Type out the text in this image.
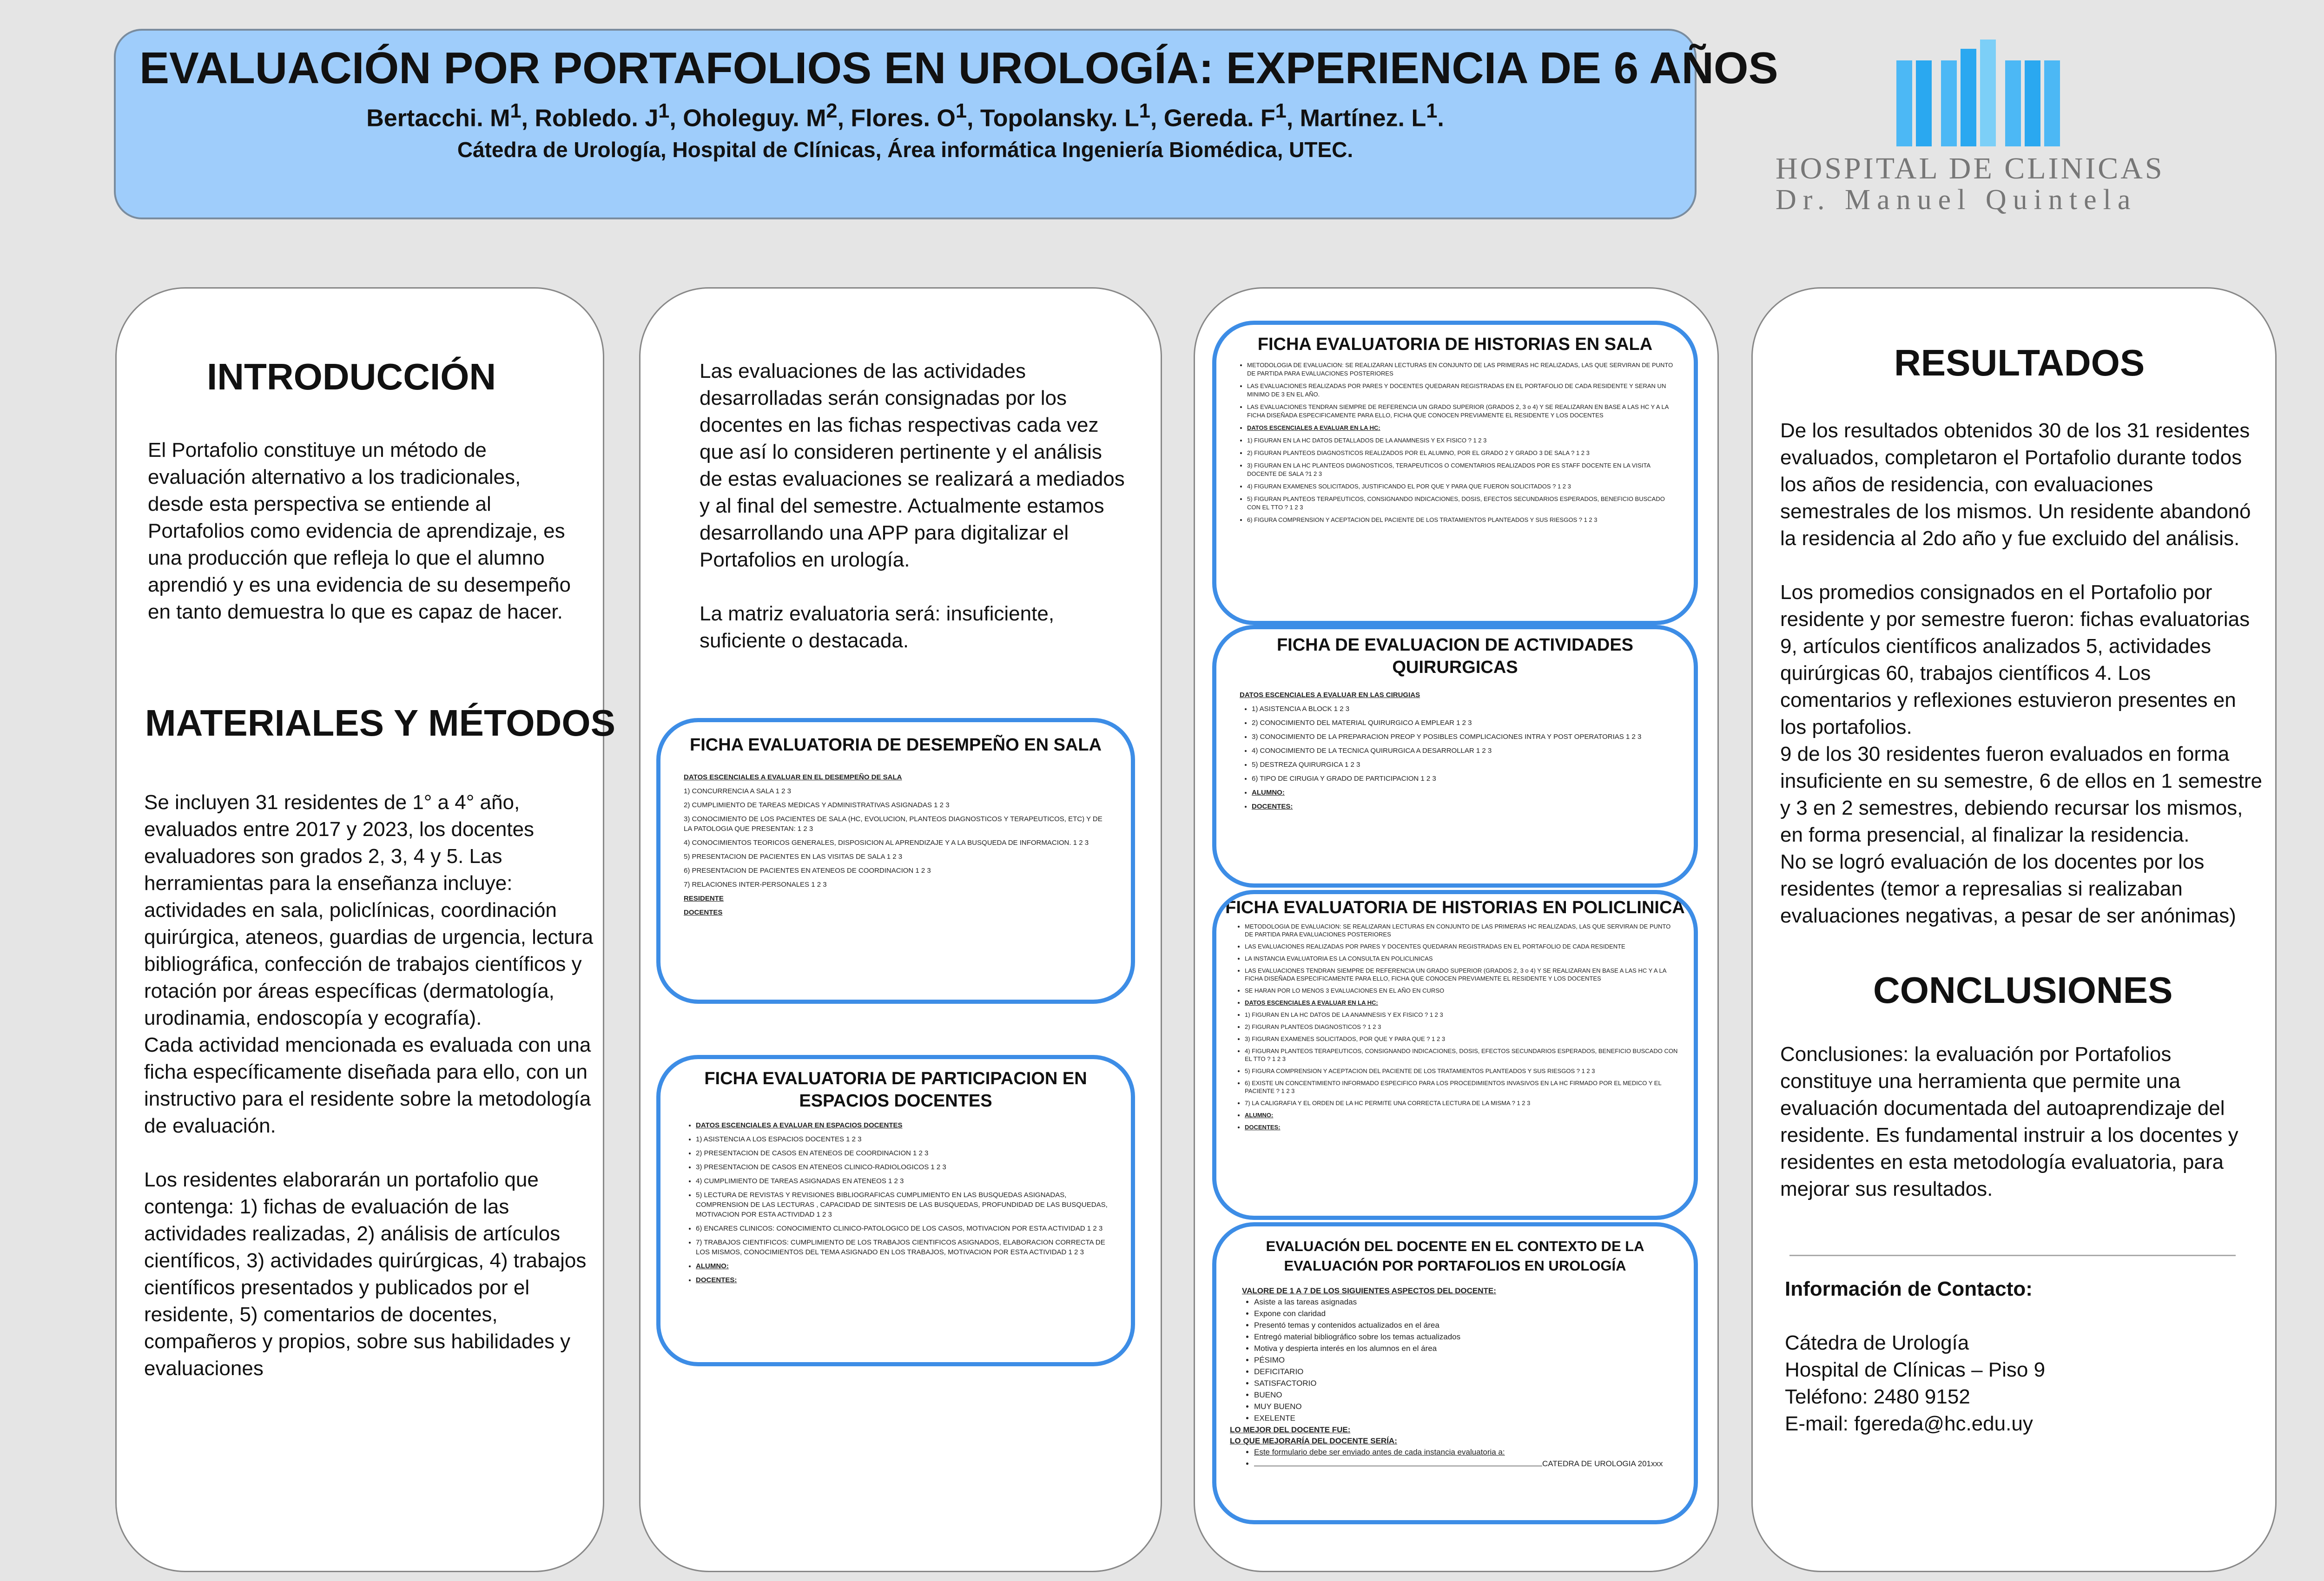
EVALUACIÓN POR PORTAFOLIOS EN UROLOGÍA: EXPERIENCIA DE 6 AÑOS
Bertacchi. $M^1$, Robledo. $J^1$, Oholeguy. $M^2$, Flores. $O^1$, Topolansky. $L^1$, Gereda. $F^1$, Martínez. $L^1$.
Cátedra de Urología, Hospital de Clínicas, Área informática Ingeniería Biomédica, UTEC.
HOSPITAL DE CLINICAS
Dr. Manuel Quintela
INTRODUCCIÓN

El Portafolio constituye un método de evaluación alternativo a los tradicionales, desde esta perspectiva se entiende al Portafolios como evidencia de aprendizaje, es una producción que refleja lo que el alumno aprendió y es una evidencia de su desempeño en tanto demuestra lo que es capaz de hacer.

MATERIALES Y MÉTODOS

Se incluyen 31 residentes de 1° a 4° año, evaluados entre 2017 y 2023, los docentes evaluadores son grados 2, 3, 4 y 5. Las herramientas para la enseñanza incluye: actividades en sala, policlínicas, coordinación quirúrgica, ateneos, guardias de urgencia, lectura bibliográfica, confección de trabajos científicos y rotación por áreas específicas (dermatología, urodinamia, endoscopía y ecografía).

Cada actividad mencionada es evaluada con una ficha específicamente diseñada para ello, con un instructivo para el residente sobre la metodología de evaluación.

Los residentes elaborarán un portafolio que contenga: 1) fichas de evaluación de las actividades realizadas, 2) análisis de artículos científicos, 3) actividades quirúrgicas, 4) trabajos científicos presentados y publicados por el residente, 5) comentarios de docentes, compañeros y propios, sobre sus habilidades y evaluaciones

Las evaluaciones de las actividades desarrolladas serán consignadas por los docentes en las fichas respectivas cada vez que así lo consideren pertinente y el análisis de estas evaluaciones se realizará a mediados y al final del semestre. Actualmente estamos desarrollando una APP para digitalizar el Portafolios en urología.

La matriz evaluatoria será: insuficiente, suficiente o destacada.

FICHA EVALUATORIA DE DESEMPEÑO EN SALA
DATOS ESCENCIALES A EVALUAR EN EL DESEMPEÑO DE SALA
1) CONCURRENCIA A SALA 1 2 3
2) CUMPLIMIENTO DE TAREAS MEDICAS Y ADMINISTRATIVAS ASIGNADAS 1 2 3
3) CONOCIMIENTO DE LOS PACIENTES DE SALA (HC, EVOLUCION, PLANTEOS DIAGNOSTICOS Y TERAPEUTICOS, ETC) Y DE LA PATOLOGIA QUE PRESENTAN: 1 2 3
4) CONOCIMIENTOS TEORICOS GENERALES, DISPOSICION AL APRENDIZAJE Y A LA BUSQUEDA DE INFORMACION. 1 2 3
5) PRESENTACION DE PACIENTES EN LAS VISITAS DE SALA 1 2 3
6) PRESENTACION DE PACIENTES EN ATENEOS DE COORDINACION 1 2 3
7) RELACIONES INTER-PERSONALES 1 2 3
RESIDENTE
DOCENTES
FICHA EVALUATORIA DE PARTICIPACION EN ESPACIOS DOCENTES
• DATOS ESCENCIALES A EVALUAR EN ESPACIOS DOCENTES
• 1) ASISTENCIA A LOS ESPACIOS DOCENTES 1 2 3
• 2) PRESENTACION DE CASOS EN ATENEOS DE COORDINACION 1 2 3
• 3) PRESENTACION DE CASOS EN ATENEOS CLINICO-RADIOLOGICOS 1 2 3
• 4) CUMPLIMIENTO DE TAREAS ASIGNADAS EN ATENEOS 1 2 3
• 5) LECTURA DE REVISTAS Y REVISIONES BIBLIOGRAFICAS CUMPLIMIENTO EN LAS BUSQUEDAS ASIGNADAS, COMPRENSION DE LAS LECTURAS , CAPACIDAD DE SINTESIS DE LAS BUSQUEDAS, PROFUNDIDAD DE LAS BUSQUEDAS, MOTIVACION POR ESTA ACTIVIDAD 1 2 3
• 6) ENCARES CLINICOS: CONOCIMIENTO CLINICO-PATOLOGICO DE LOS CASOS, MOTIVACION POR ESTA ACTIVIDAD 1 2 3
• 7) TRABAJOS CIENTIFICOS: CUMPLIMIENTO DE LOS TRABAJOS CIENTIFICOS ASIGNADOS, ELABORACION CORRECTA DE LOS MISMOS, CONOCIMIENTOS DEL TEMA ASIGNADO EN LOS TRABAJOS, MOTIVACION POR ESTA ACTIVIDAD 1 2 3
• ALUMNO:
• DOCENTES:
FICHA EVALUATORIA DE HISTORIAS EN SALA
• METODOLOGIA DE EVALUACION: SE REALIZARAN LECTURAS EN CONJUNTO DE LAS PRIMERAS HC REALIZADAS, LAS QUE SERVIRAN DE PUNTO DE PARTIDA PARA EVALUACIONES POSTERIORES
• LAS EVALUACIONES REALIZADAS POR PARES Y DOCENTES QUEDARAN REGISTRADAS EN EL PORTAFOLIO DE CADA RESIDENTE Y SERAN UN MINIMO DE 3 EN EL AÑO.
• LAS EVALUACIONES TENDRAN SIEMPRE DE REFERENCIA UN GRADO SUPERIOR (GRADOS 2, 3 o 4) Y SE REALIZARAN EN BASE A LAS HC Y A LA FICHA DISEÑADA ESPECIFICAMENTE PARA ELLO, FICHA QUE CONOCEN PREVIAMENTE EL RESIDENTE Y LOS DOCENTES
• DATOS ESCENCIALES A EVALUAR EN LA HC:
• 1) FIGURAN EN LA HC DATOS DETALLADOS DE LA ANAMNESIS Y EX FISICO ? 1 2 3
• 2) FIGURAN PLANTEOS DIAGNOSTICOS REALIZADOS POR EL ALUMNO, POR EL GRADO 2 Y GRADO 3 DE SALA ? 1 2 3
• 3) FIGURAN EN LA HC PLANTEOS DIAGNOSTICOS, TERAPEUTICOS O COMENTARIOS REALIZADOS POR ES STAFF DOCENTE EN LA VISITA DOCENTE DE SALA ?1 2 3
• 4) FIGURAN EXAMENES SOLICITADOS, JUSTIFICANDO EL POR QUE Y PARA QUE FUERON SOLICITADOS ? 1 2 3
• 5) FIGURAN PLANTEOS TERAPEUTICOS, CONSIGNANDO INDICACIONES, DOSIS, EFECTOS SECUNDARIOS ESPERADOS, BENEFICIO BUSCADO CON EL TTO ? 1 2 3
• 6) FIGURA COMPRENSION Y ACEPTACION DEL PACIENTE DE LOS TRATAMIENTOS PLANTEADOS Y SUS RIESGOS ? 1 2 3
FICHA DE EVALUACION DE ACTIVIDADES QUIRURGICAS
DATOS ESCENCIALES A EVALUAR EN LAS CIRUGIAS
• 1) ASISTENCIA A BLOCK 1 2 3
• 2) CONOCIMIENTO DEL MATERIAL QUIRURGICO A EMPLEAR 1 2 3
• 3) CONOCIMIENTO DE LA PREPARACION PREOP Y POSIBLES COMPLICACIONES INTRA Y POST OPERATORIAS 1 2 3
• 4) CONOCIMIENTO DE LA TECNICA QUIRURGICA A DESARROLLAR 1 2 3
• 5) DESTREZA QUIRURGICA 1 2 3
• 6) TIPO DE CIRUGIA Y GRADO DE PARTICIPACION 1 2 3
• ALUMNO:
• DOCENTES:
FICHA EVALUATORIA DE HISTORIAS EN POLICLINICA
• METODOLOGIA DE EVALUACION: SE REALIZARAN LECTURAS EN CONJUNTO DE LAS PRIMERAS HC REALIZADAS, LAS QUE SERVIRAN DE PUNTO DE PARTIDA PARA EVALUACIONES POSTERIORES
• LAS EVALUACIONES REALIZADAS POR PARES Y DOCENTES QUEDARAN REGISTRADAS EN EL PORTAFOLIO DE CADA RESIDENTE
• LA INSTANCIA EVALUATORIA ES LA CONSULTA EN POLICLINICAS
• LAS EVALUACIONES TENDRAN SIEMPRE DE REFERENCIA UN GRADO SUPERIOR (GRADOS 2, 3 o 4) Y SE REALIZARAN EN BASE A LAS HC Y A LA FICHA DISEÑADA ESPECIFICAMENTE PARA ELLO, FICHA QUE CONOCEN PREVIAMENTE EL RESIDENTE Y LOS DOCENTES
• SE HARAN POR LO MENOS 3 EVALUACIONES EN EL AÑO EN CURSO
• DATOS ESCENCIALES A EVALUAR EN LA HC:
• 1) FIGURAN EN LA HC DATOS DE LA ANAMNESIS Y EX FISICO ? 1 2 3
• 2) FIGURAN PLANTEOS DIAGNOSTICOS ? 1 2 3
• 3) FIGURAN EXAMENES SOLICITADOS, POR QUE Y PARA QUE ? 1 2 3
• 4) FIGURAN PLANTEOS TERAPEUTICOS, CONSIGNANDO INDICACIONES, DOSIS, EFECTOS SECUNDARIOS ESPERADOS, BENEFICIO BUSCADO CON EL TTO ? 1 2 3
• 5) FIGURA COMPRENSION Y ACEPTACION DEL PACIENTE DE LOS TRATAMIENTOS PLANTEADOS Y SUS RIESGOS ? 1 2 3
• 6) EXISTE UN CONCENTIMIENTO INFORMADO ESPECIFICO PARA LOS PROCEDIMIENTOS INVASIVOS EN LA HC FIRMADO POR EL MEDICO Y EL PACIENTE ? 1 2 3
• 7) LA CALIGRAFIA Y EL ORDEN DE LA HC PERMITE UNA CORRECTA LECTURA DE LA MISMA ? 1 2 3
• ALUMNO:
• DOCENTES:
EVALUACIÓN DEL DOCENTE EN EL CONTEXTO DE LA EVALUACIÓN POR PORTAFOLIOS EN UROLOGÍA
VALORE DE 1 A 7 DE LOS SIGUIENTES ASPECTOS DEL DOCENTE:
• Asiste a las tareas asignadas
• Expone con claridad
• Presentó temas y contenidos actualizados en el área
• Entregó material bibliográfico sobre los temas actualizados
• Motiva y despierta interés en los alumnos en el área
• PÉSIMO
• DEFICITARIO
• SATISFACTORIO
• BUENO
• MUY BUENO
• EXELENTE
LO MEJOR DEL DOCENTE FUE:
LO QUE MEJORARÍA DEL DOCENTE SERÍA:
• Este formulario debe ser enviado antes de cada instancia evaluatoria a:
• CATEDRA DE UROLOGIA 201xxx
RESULTADOS

De los resultados obtenidos 30 de los 31 residentes evaluados, completaron el Portafolio durante todos los años de residencia, con evaluaciones semestrales de los mismos. Un residente abandonó la residencia al 2do año y fue excluido del análisis.

Los promedios consignados en el Portafolio por residente y por semestre fueron: fichas evaluatorias 9, artículos científicos analizados 5, actividades quirúrgicas 60, trabajos científicos 4. Los comentarios y reflexiones estuvieron presentes en los portafolios.

9 de los 30 residentes fueron evaluados en forma insuficiente en su semestre, 6 de ellos en 1 semestre y 3 en 2 semestres, debiendo recursar los mismos, en forma presencial, al finalizar la residencia.

No se logró evaluación de los docentes por los residentes (temor a represalias si realizaban evaluaciones negativas, a pesar de ser anónimas)

CONCLUSIONES

Conclusiones: la evaluación por Portafolios constituye una herramienta que permite una evaluación documentada del autoaprendizaje del residente. Es fundamental instruir a los docentes y residentes en esta metodología evaluatoria, para mejorar sus resultados.

Información de Contacto:

Cátedra de Urología

Hospital de Clínicas – Piso 9

Teléfono: 2480 9152

E-mail: fgereda@hc.edu.uy
